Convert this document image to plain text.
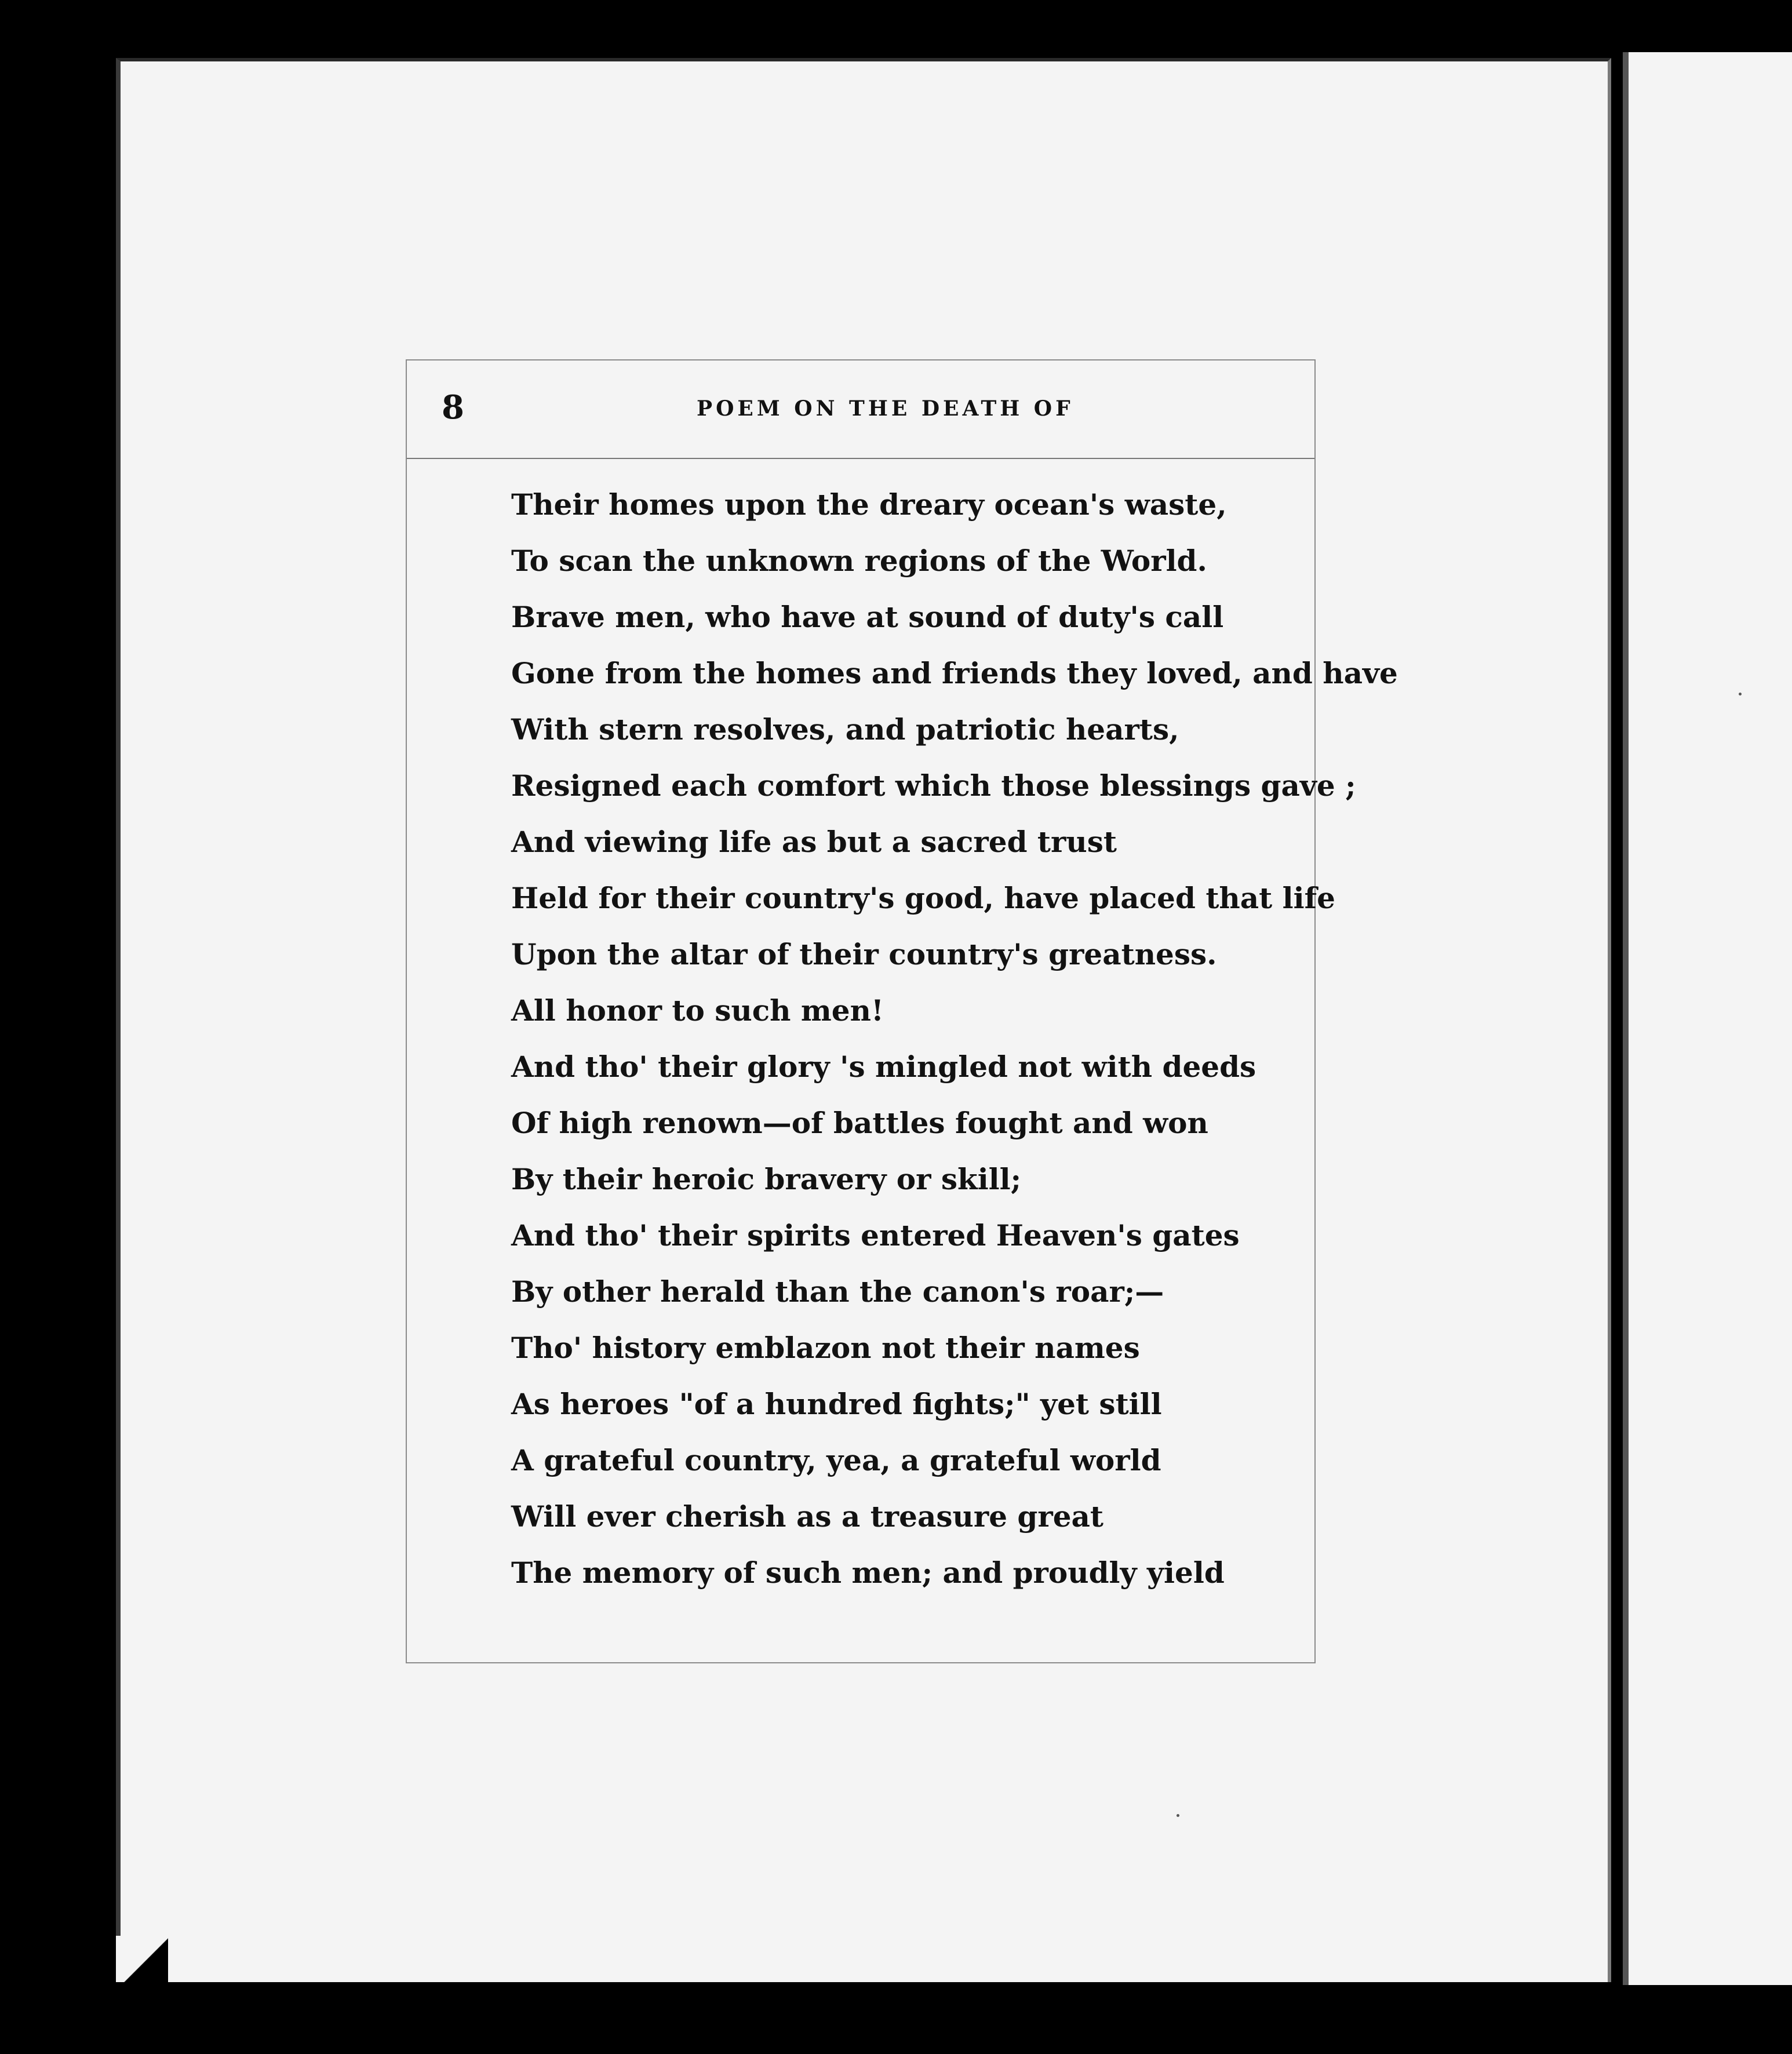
8	POEM ON THE DEATH OF
Their homes upon the dreary ocean's waste,
To scan the unknown regions of the World.
Brave men, who have at sound of duty's call
Gone from the homes and friends they loved, and have
With stern resolves, and patriotic hearts,
Resigned each comfort which those blessings gave ;
And viewing life as but a sacred trust
Held for their country's good, have placed that life
Upon the altar of their country's greatness.
All honor to such men!
And tho' their glory 's mingled not with deeds
Of high renown—of battles fought and won
By their heroic bravery or skill;
And tho' their spirits entered Heaven's gates
By other herald than the canon's roar;—
Tho' history emblazon not their names
As heroes "of a hundred fights;" yet still
A grateful country, yea, a grateful world
Will ever cherish as a treasure great
The memory of such men; and proudly yield
